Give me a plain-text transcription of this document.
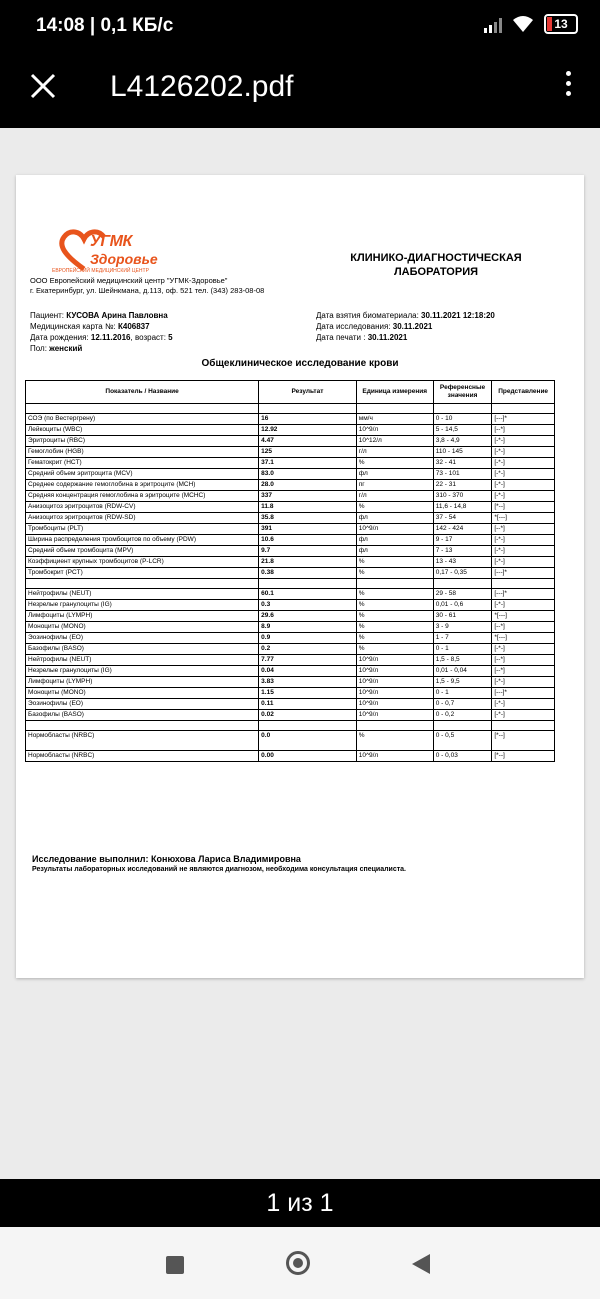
14:08 | 0,1 КБ/с	13
L4126202.pdf
УГМК
Здоровье
ЕВРОПЕЙСКИЙ МЕДИЦИНСКИЙ ЦЕНТР
КЛИНИКО-ДИАГНОСТИЧЕСКАЯ ЛАБОРАТОРИЯ
ООО Европейский медицинский центр "УГМК-Здоровье"
г. Екатеринбург, ул. Шейнкмана, д.113, оф. 521 тел. (343) 283-08-08
Пациент: КУСОВА Арина Павловна
Медицинская карта №: К406837
Дата рождения: 12.11.2016, возраст: 5
Пол: женский
Дата взятия биоматериала: 30.11.2021 12:18:20
Дата исследования: 30.11.2021
Дата печати : 30.11.2021
Общеклиническое исследование крови
Показатель / Название	Результат	Единица измерения	Референсные значения	Представление

СОЭ (по Вестергрену)	16	мм/ч	0 - 10	[---]*
Лейкоциты (WBC)	12.92	10^9/л	5 - 14,5	[--*]
Эритроциты (RBC)	4.47	10^12/л	3,8 - 4,9	[-*-]
Гемоглобин (HGB)	125	г/л	110 - 145	[-*-]
Гематокрит (HCT)	37.1	%	32 - 41	[-*-]
Средний объем эритроцита (MCV)	83.0	фл	73 - 101	[-*-]
Среднее содержание гемоглобина в эритроците (MCH)	28.0	пг	22 - 31	[-*-]
Средняя концентрация гемоглобина в эритроците (MCHC)	337	г/л	310 - 370	[-*-]
Анизоцитоз эритроцитов (RDW-CV)	11.8	%	11,6 - 14,8	[*--]
Анизоцитоз эритроцитов (RDW-SD)	35.8	фл	37 - 54	*[---]
Тромбоциты (PLT)	391	10^9/л	142 - 424	[--*]
Ширина распределения тромбоцитов по объему (PDW)	10.6	фл	9 - 17	[-*-]
Средний объем тромбоцита (MPV)	9.7	фл	7 - 13	[-*-]
Коэффициент крупных тромбоцитов (P-LCR)	21.8	%	13 - 43	[-*-]
Тромбокрит (PCT)	0.38	%	0,17 - 0,35	[---]*

Нейтрофилы (NEUT)	60.1	%	29 - 58	[---]*
Незрелые гранулоциты (IG)	0.3	%	0,01 - 0,6	[-*-]
Лимфоциты (LYMPH)	29.6	%	30 - 61	*[---]
Моноциты (MONO)	8.9	%	3 - 9	[--*]
Эозинофилы (EO)	0.9	%	1 - 7	*[---]
Базофилы (BASO)	0.2	%	0 - 1	[-*-]
Нейтрофилы (NEUT)	7.77	10^9/л	1,5 - 8,5	[--*]
Незрелые гранулоциты (IG)	0.04	10^9/л	0,01 - 0,04	[--*]
Лимфоциты (LYMPH)	3.83	10^9/л	1,5 - 9,5	[-*-]
Моноциты (MONO)	1.15	10^9/л	0 - 1	[---]*
Эозинофилы (EO)	0.11	10^9/л	0 - 0,7	[-*-]
Базофилы (BASO)	0.02	10^9/л	0 - 0,2	[-*-]

Нормобласты (NRBC)	0.0	%	0 - 0,5	[*--]
Нормобласты (NRBC)	0.00	10^9/л	0 - 0,03	[*--]
Исследование выполнил: Конюхова Лариса Владимировна
Результаты лабораторных исследований не являются диагнозом, необходима консультация специалиста.
1 из 1
